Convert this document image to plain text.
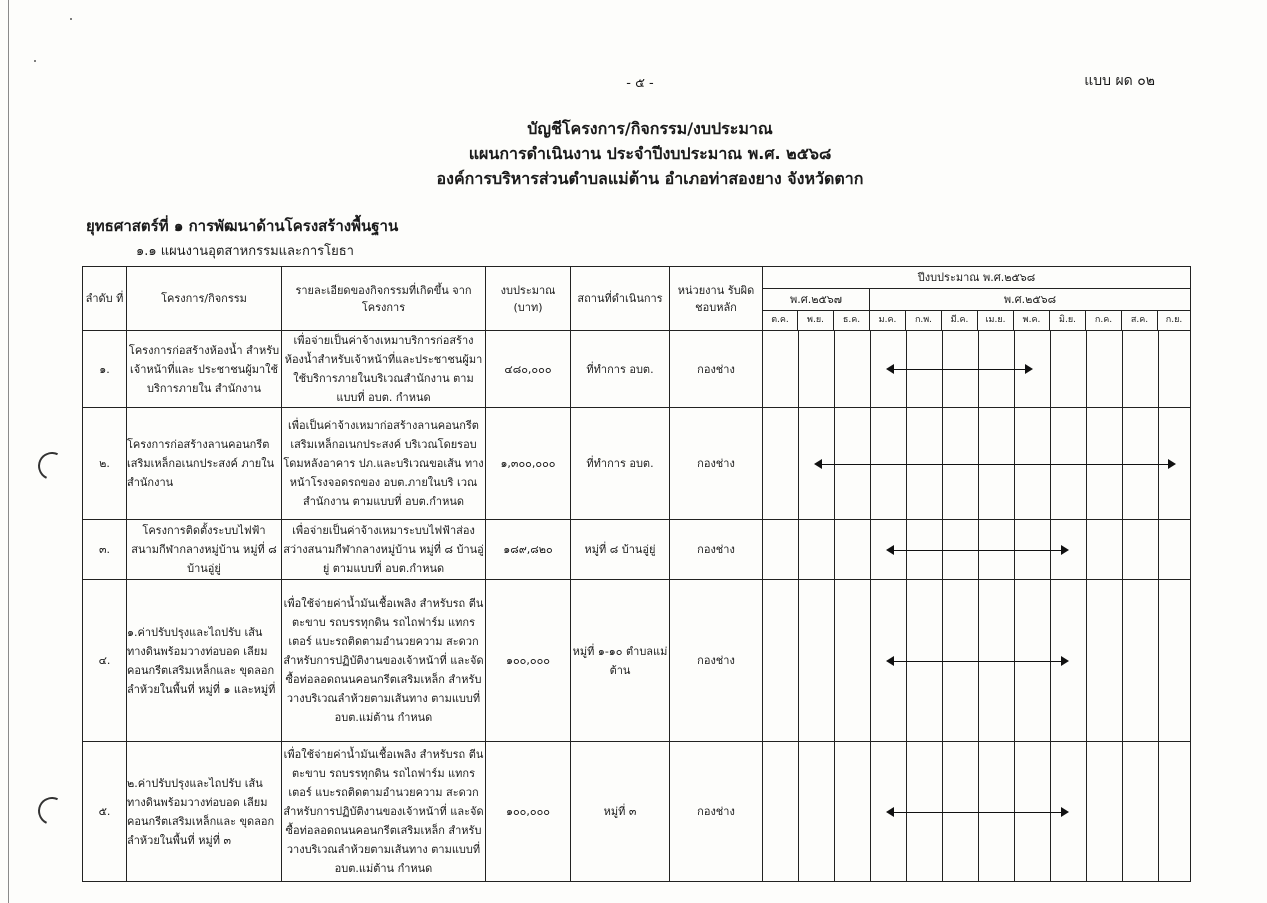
- ๕ -	แบบ ผด ๐๒
บัญชีโครงการ/กิจกรรม/งบประมาณ
แผนการดำเนินงาน ประจำปีงบประมาณ พ.ศ. ๒๕๖๘
องค์การบริหารส่วนตำบลแม่ต้าน อำเภอท่าสองยาง จังหวัดตาก
ยุทธศาสตร์ที่ ๑ การพัฒนาด้านโครงสร้างพื้นฐาน
๑.๑ แผนงานอุตสาหกรรมและการโยธา
ลำดับ ที่	โครงการ/กิจกรรม	รายละเอียดของกิจกรรมที่เกิดขึ้น จากโครงการ	งบประมาณ (บาท)	สถานที่ดำเนินการ	หน่วยงาน รับผิดชอบหลัก	ปีงบประมาณ พ.ศ.๒๕๖๘											
						พ.ศ.๒๕๖๗			พ.ศ.๒๕๖๘								
						ต.ค.	พ.ย.	ธ.ค.	ม.ค.	ก.พ.	มี.ค.	เม.ย.	พ.ค.	มิ.ย.	ก.ค.	ส.ค.	ก.ย.
๑.	โครงการก่อสร้างห้องน้ำ สำหรับเจ้าหน้าที่และ ประชาชนผู้มาใช้บริการภายใน สำนักงาน	เพื่อจ่ายเป็นค่าจ้างเหมาบริการก่อสร้าง ห้องน้ำสำหรับเจ้าหน้าที่และประชาชนผู้มา ใช้บริการภายในบริเวณสำนักงาน ตาม แบบที่ อบต. กำหนด	๔๘๐,๐๐๐	ที่ทำการ อบต.	กองช่าง												

๒.	โครงการก่อสร้างลานคอนกรีต เสริมเหล็กอเนกประสงค์ ภายในสำนักงาน	เพื่อเป็นค่าจ้างเหมาก่อสร้างลานคอนกรีต เสริมเหล็กอเนกประสงค์ บริเวณโดยรอบ โดมหลังอาคาร ปภ.และบริเวณขอเส้น ทางหน้าโรงจอดรถของ อบต.ภายในบริ เวณสำนักงาน ตามแบบที่ อบต.กำหนด	๑,๓๐๐,๐๐๐	ที่ทำการ อบต.	กองช่าง												

๓.	โครงการติดตั้งระบบไฟฟ้า สนามกีฬากลางหมู่บ้าน หมู่ที่ ๘ บ้านอู่ยู่	เพื่อจ่ายเป็นค่าจ้างเหมาระบบไฟฟ้าส่อง สว่างสนามกีฬากลางหมู่บ้าน หมู่ที่ ๘ บ้านอู่ยู่ ตามแบบที่ อบต.กำหนด	๑๘๙,๘๒๐	หมู่ที่ ๘ บ้านอู่ยู่	กองช่าง												

๔.	๑.ค่าปรับปรุงและไถปรับ เส้นทางดินพร้อมวางท่อบอด เลียมคอนกรีตเสริมเหล็กและ ขุดลอกลำห้วยในพื้นที่ หมู่ที่ ๑ และหมู่ที่	เพื่อใช้จ่ายค่าน้ำมันเชื้อเพลิง สำหรับรถ ตีนตะขาบ รถบรรทุกดิน รถไถฟาร์ม แทกรเตอร์ แบะรถติดตามอำนวยความ สะดวกสำหรับการปฏิบัติงานของเจ้าหน้าที่ และจัดซื้อท่อลอดถนนคอนกรีตเสริมเหล็ก สำหรับวางบริเวณลำห้วยตามเส้นทาง ตามแบบที่ อบต.แม่ต้าน กำหนด	๑๐๐,๐๐๐	หมู่ที่ ๑-๑๐ ตำบลแม่ต้าน	กองช่าง												

๕.	๒.ค่าปรับปรุงและไถปรับ เส้นทางดินพร้อมวางท่อบอด เลียมคอนกรีตเสริมเหล็กและ ขุดลอกลำห้วยในพื้นที่ หมู่ที่ ๓	เพื่อใช้จ่ายค่าน้ำมันเชื้อเพลิง สำหรับรถ ตีนตะขาบ รถบรรทุกดิน รถไถฟาร์ม แทกรเตอร์ แบะรถติดตามอำนวยความ สะดวกสำหรับการปฏิบัติงานของเจ้าหน้าที่ และจัดซื้อท่อลอดถนนคอนกรีตเสริมเหล็ก สำหรับวางบริเวณลำห้วยตามเส้นทาง ตามแบบที่ อบต.แม่ต้าน กำหนด	๑๐๐,๐๐๐	หมู่ที่ ๓	กองช่าง												
